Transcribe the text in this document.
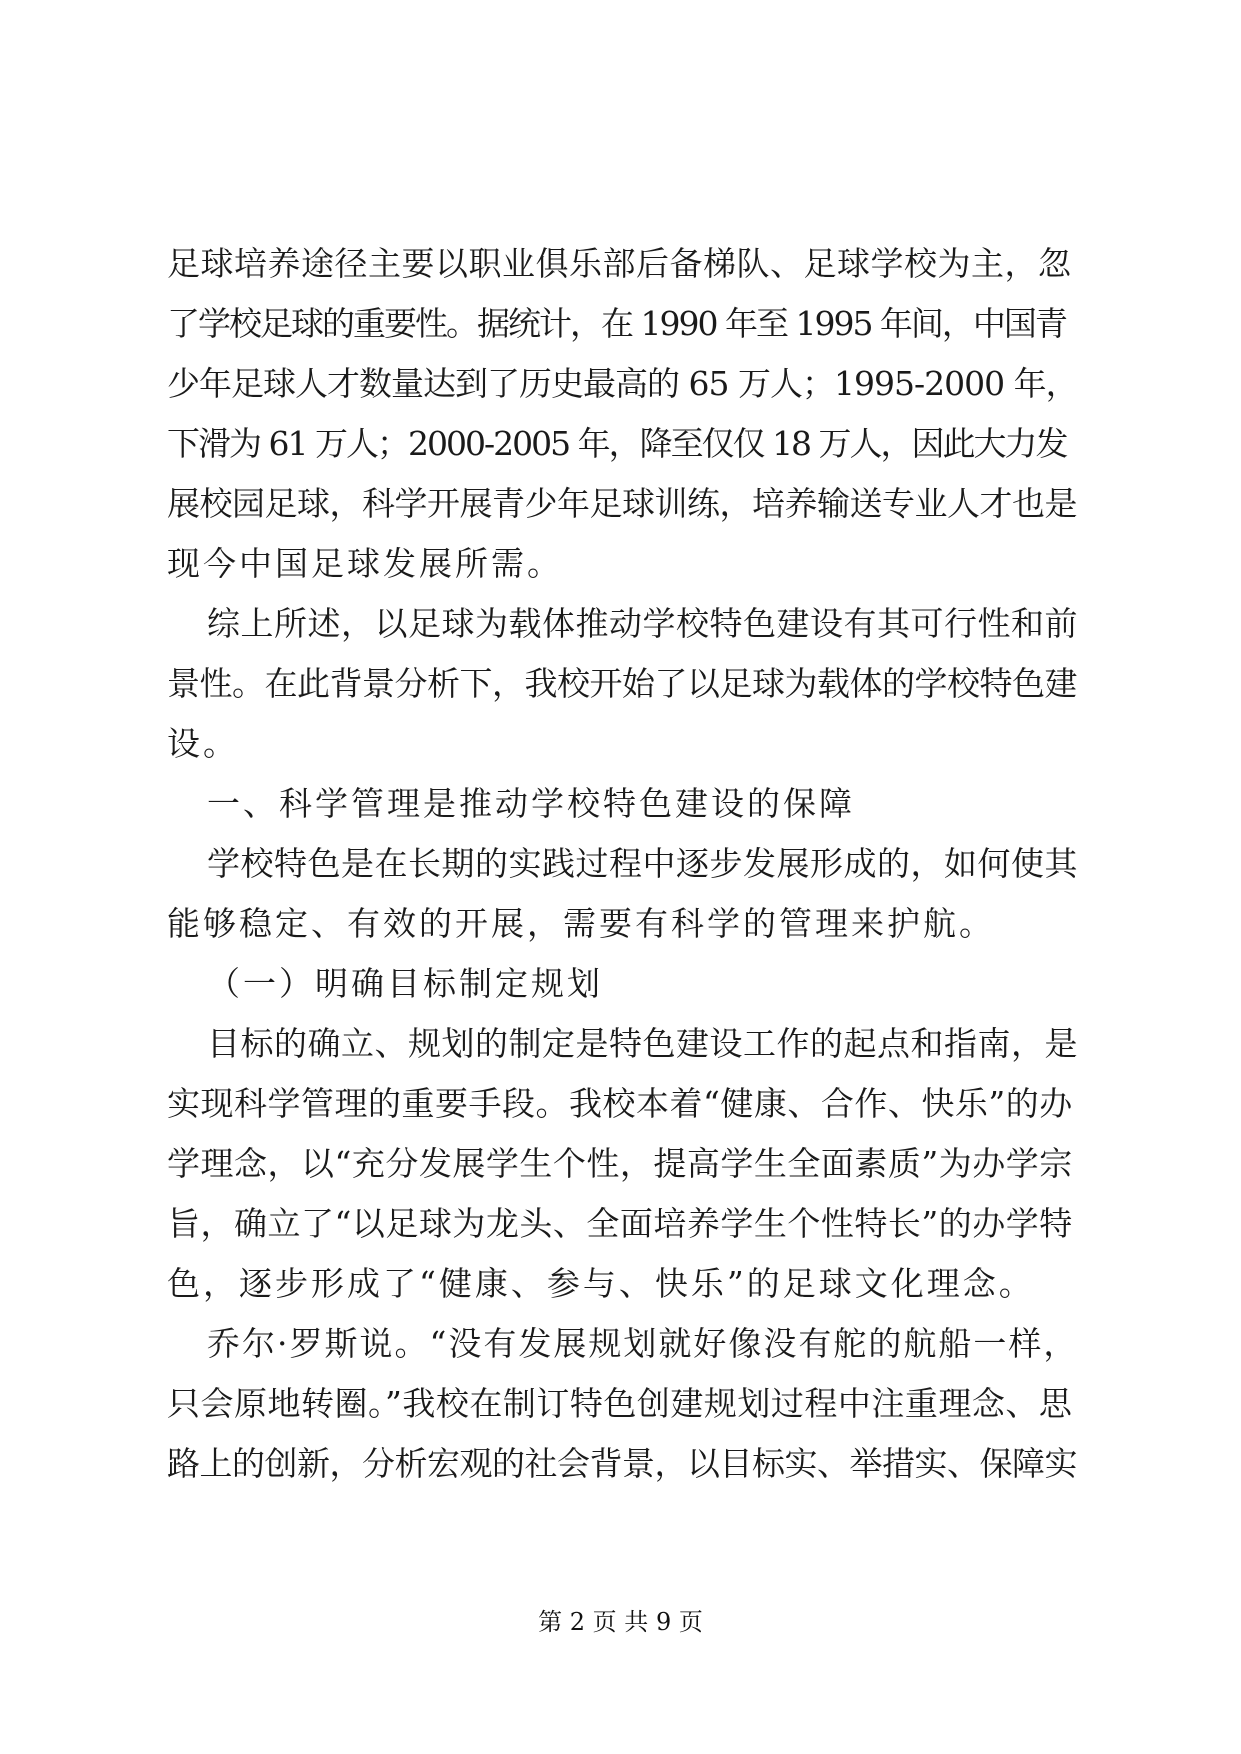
足球培养途径主要以职业俱乐部后备梯队、足球学校为主，忽
了学校足球的重要性。据统计，在 1990 年至 1995 年间，中国青
少年足球人才数量达到了历史最高的 65 万人；1995-2000 年，
下滑为 61 万人；2000-2005 年，降至仅仅 18 万人，因此大力发
展校园足球，科学开展青少年足球训练，培养输送专业人才也是
现今中国足球发展所需。
综上所述，以足球为载体推动学校特色建设有其可行性和前
景性。在此背景分析下，我校开始了以足球为载体的学校特色建
设。
一、科学管理是推动学校特色建设的保障
学校特色是在长期的实践过程中逐步发展形成的，如何使其
能够稳定、有效的开展，需要有科学的管理来护航。
（一）明确目标制定规划
目标的确立、规划的制定是特色建设工作的起点和指南，是
实现科学管理的重要手段。我校本着“健康、合作、快乐”的办
学理念，以“充分发展学生个性，提高学生全面素质”为办学宗
旨，确立了“以足球为龙头、全面培养学生个性特长”的办学特
色，逐步形成了“健康、参与、快乐”的足球文化理念。
乔尔·罗斯说。“没有发展规划就好像没有舵的航船一样，
只会原地转圈。”我校在制订特色创建规划过程中注重理念、思
路上的创新，分析宏观的社会背景，以目标实、举措实、保障实
第 2 页 共 9 页
